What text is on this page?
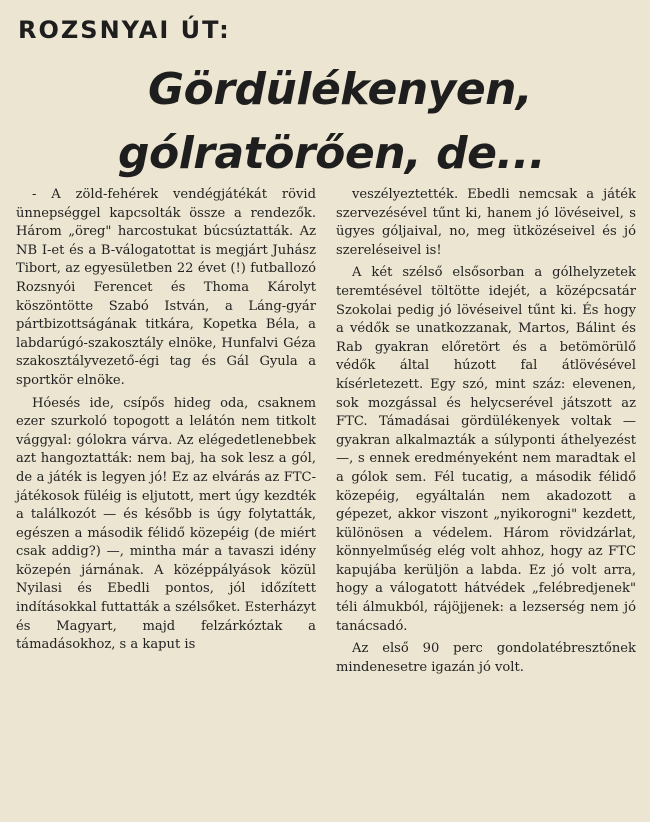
ROZSNYAI ÚT:
Gördülékenyen,
gólratörően, de...

- A zöld-fehérek vendégjátékát rövid ünnepséggel kapcsolták össze a rendezők. Három „öreg" harcostukat búcsúztatták. Az NB I-et és a B-válogatottat is megjárt Juhász Tibort, az egyesületben 22 évet (!) futballozó Rozsnyói Ferencet és Thoma Károlyt köszöntötte Szabó István, a Láng-gyár pártbizottságának titkára, Kopetka Béla, a labdarúgó-szakosztály elnöke, Hunfalvi Géza szakosztályvezető-égi tag és Gál Gyula a sportkör elnöke.

Hóesés ide, csípős hideg oda, csaknem ezer szurkoló topogott a lelátón nem titkolt vággyal: gólokra várva. Az elégedetlenebbek azt hangoztatták: nem baj, ha sok lesz a gól, de a játék is legyen jó! Ez az elvárás az FTC-játékosok füléig is eljutott, mert úgy kezdték a találkozót — és később is úgy folytatták, egészen a második félidő közepéig (de miért csak addig?) —, mintha már a tavaszi idény közepén járnának. A középpályások közül Nyilasi és Ebedli pontos, jól időzített indításokkal futtatták a szélsőket. Esterházyt és Magyart, majd felzárkóztak a támadásokhoz, s a kaput is

veszélyeztették. Ebedli nemcsak a játék szervezésével tűnt ki, hanem jó lövéseivel, s ügyes góljaival, no, meg ütközéseivel és jó szereléseivel is!

A két szélső elsősorban a gólhelyzetek teremtésével töltötte idejét, a középcsatár Szokolai pedig jó lövéseivel tűnt ki. És hogy a védők se unatkozzanak, Martos, Bálint és Rab gyakran előretört és a betömörülő védők által húzott fal átlövésével kísérletezett. Egy szó, mint száz: elevenen, sok mozgással és helycserével játszott az FTC. Támadásai gördülékenyek voltak — gyakran alkalmazták a súlyponti áthelyezést —, s ennek eredményeként nem maradtak el a gólok sem. Fél tucatig, a második félidő közepéig, egyáltalán nem akadozott a gépezet, akkor viszont „nyikorogni" kezdett, különösen a védelem. Három rövidzárlat, könnyelműség elég volt ahhoz, hogy az FTC kapujába kerüljön a labda. Ez jó volt arra, hogy a válogatott hátvédek „felébredjenek" téli álmukból, rájöjjenek: a lezserség nem jó tanácsadó.

Az első 90 perc gondolatébresztőnek mindenesetre igazán jó volt.
